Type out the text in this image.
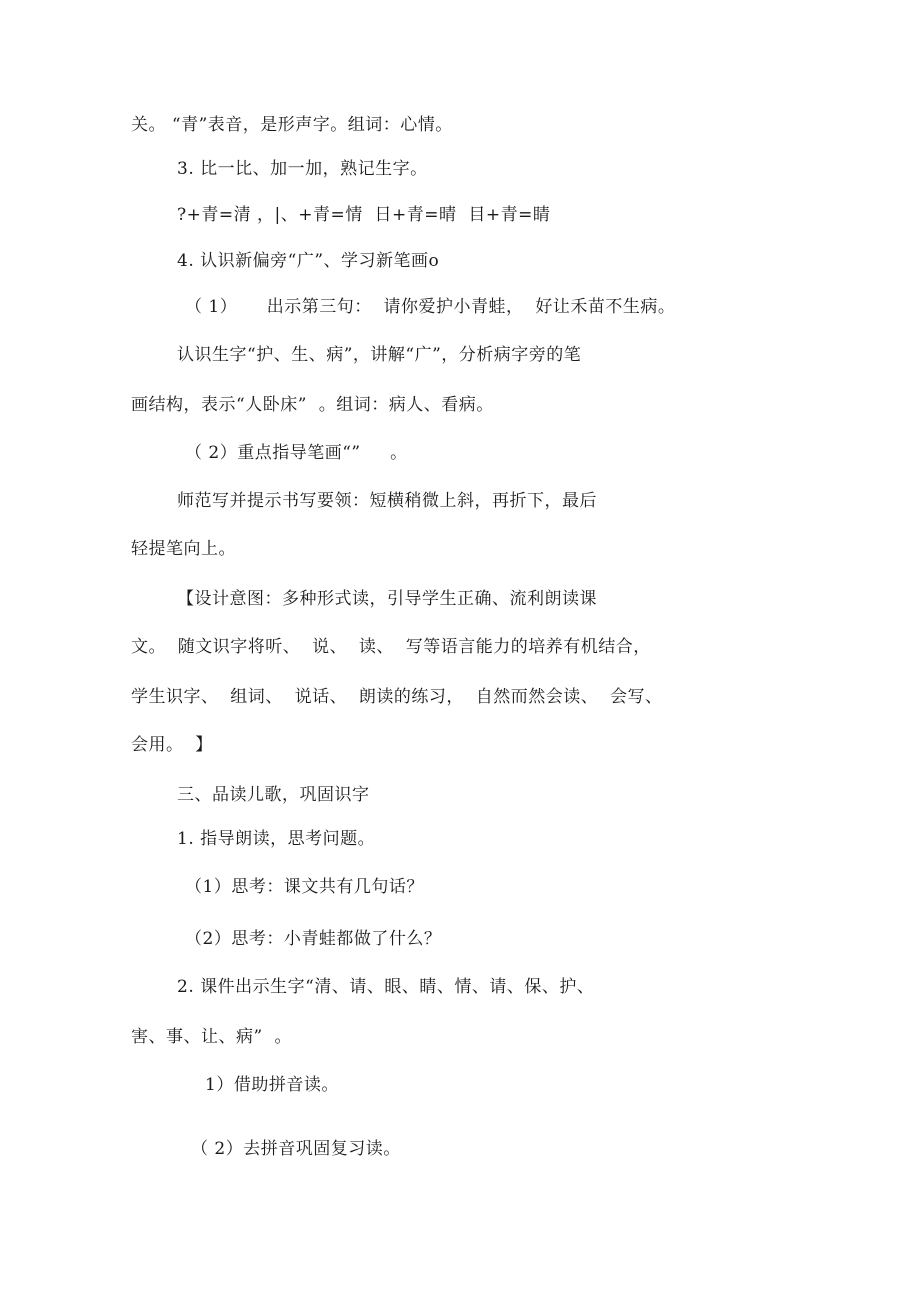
关。 “青”表音，是形声字。组词：心情。
3. 比一比、加一加，熟记生字。
?+青=清 ，|、+青=情  日+青=晴  目+青=睛
4. 认识新偏旁“广”、学习新笔画o
（ 1）     出示第三句：  请你爱护小青蛙，  好让禾苗不生病。
认识生字“护、生、病”，讲解“广”，分析病字旁的笔
画结构，表示“人卧床”  。组词：病人、看病。
（ 2）重点指导笔画“”     。
师范写并提示书写要领：短横稍微上斜，再折下，最后
轻提笔向上。
【设计意图：多种形式读，引导学生正确、流利朗读课
文。  随文识字将听、  说、  读、  写等语言能力的培养有机结合，
学生识字、  组词、  说话、  朗读的练习，  自然而然会读、  会写、
会用。  】
三、品读儿歌，巩固识字
1. 指导朗读，思考问题。
（1）思考：课文共有几句话？
（2）思考：小青蛙都做了什么？
2. 课件出示生字“清、请、眼、睛、情、请、保、护、
害、事、让、病”  。
1）借助拼音读。
（ 2）去拼音巩固复习读。
